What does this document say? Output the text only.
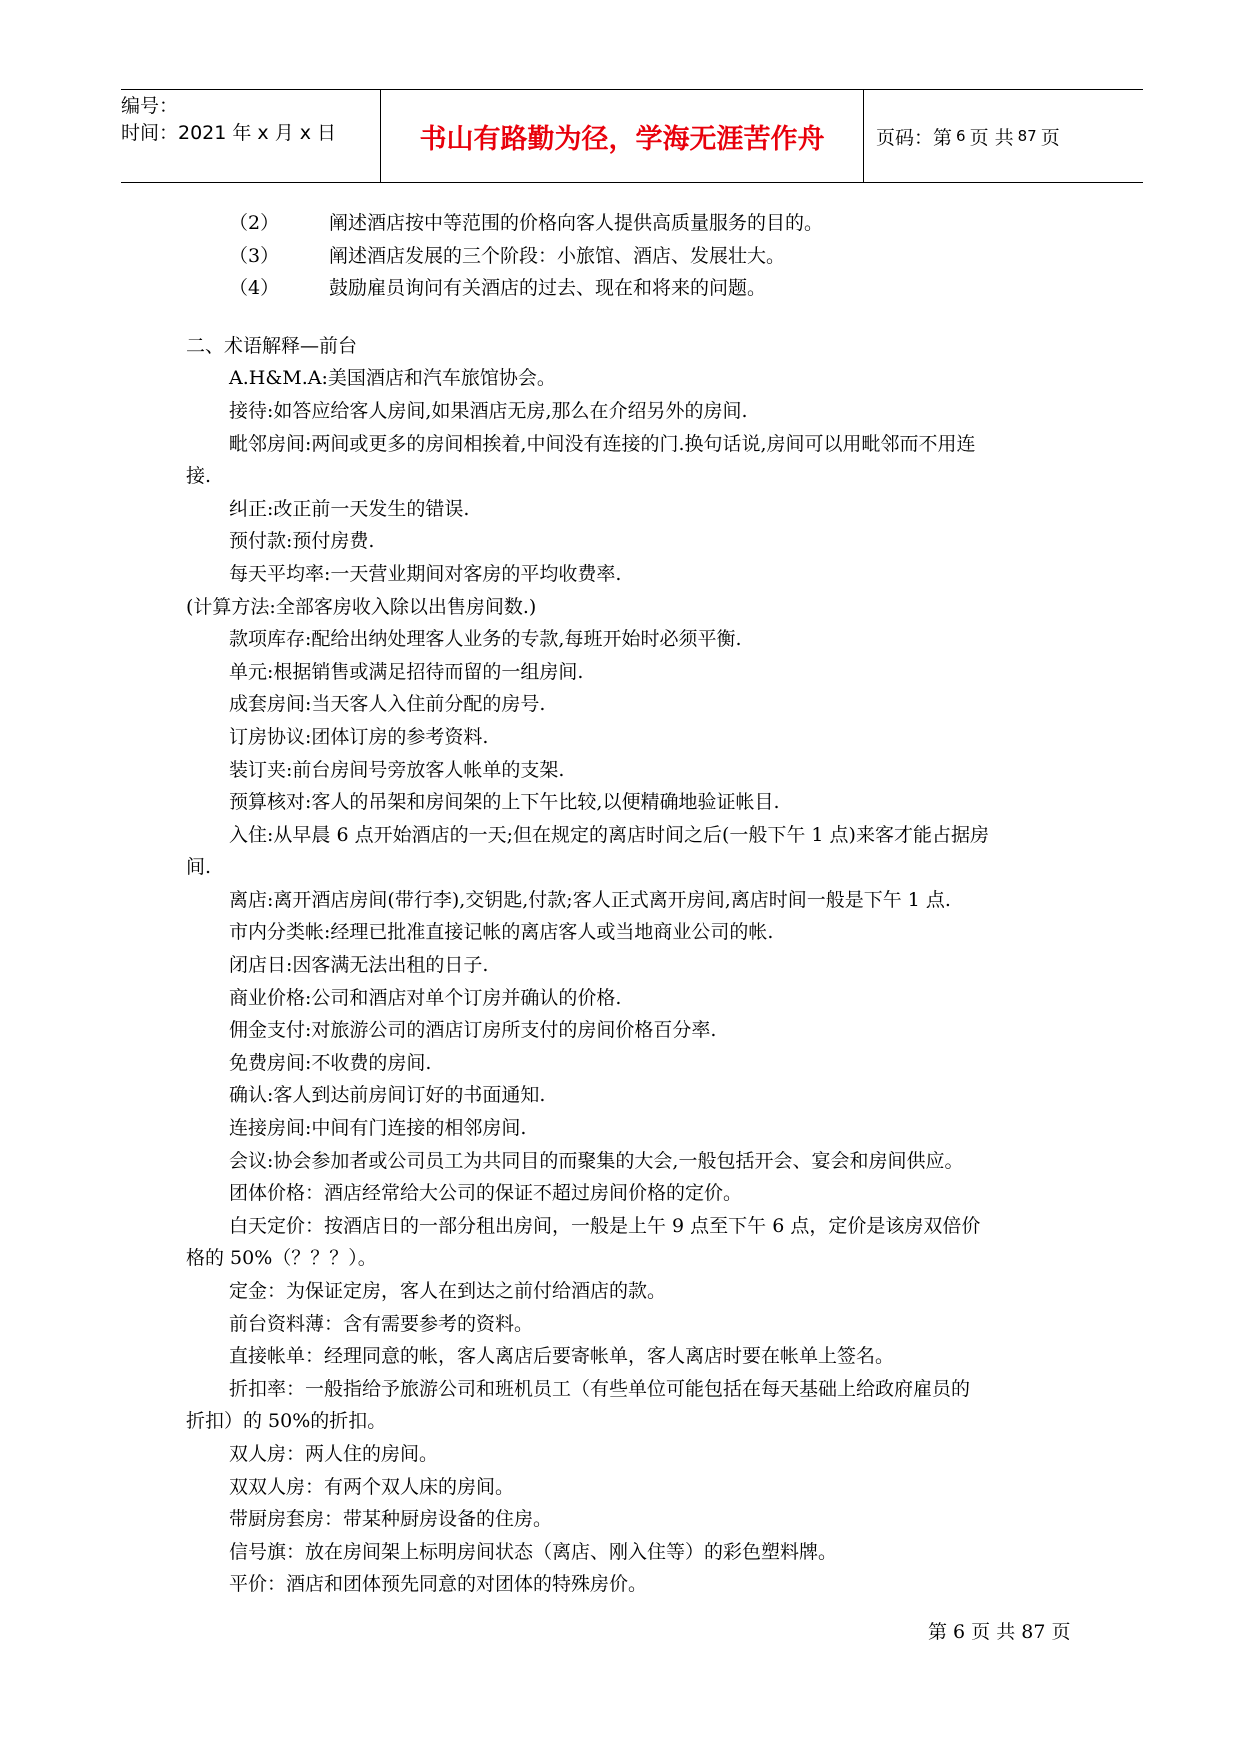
编号：
时间：2021 年 x 月 x 日	书山有路勤为径，学海无涯苦作舟	页码：第 6 页 共 87 页
（2）	阐述酒店按中等范围的价格向客人提供高质量服务的目的。
（3）	阐述酒店发展的三个阶段：小旅馆、酒店、发展壮大。
（4）	鼓励雇员询问有关酒店的过去、现在和将来的问题。
二、术语解释—前台
A.H&M.A:美国酒店和汽车旅馆协会。
接待:如答应给客人房间,如果酒店无房,那么在介绍另外的房间.
毗邻房间:两间或更多的房间相挨着,中间没有连接的门.换句话说,房间可以用毗邻而不用连
接.
纠正:改正前一天发生的错误.
预付款:预付房费.
每天平均率:一天营业期间对客房的平均收费率.
(计算方法:全部客房收入除以出售房间数.)
款项库存:配给出纳处理客人业务的专款,每班开始时必须平衡.
单元:根据销售或满足招待而留的一组房间.
成套房间:当天客人入住前分配的房号.
订房协议:团体订房的参考资料.
装订夹:前台房间号旁放客人帐单的支架.
预算核对:客人的吊架和房间架的上下午比较,以便精确地验证帐目.
入住:从早晨 6 点开始酒店的一天;但在规定的离店时间之后(一般下午 1 点)来客才能占据房
间.
离店:离开酒店房间(带行李),交钥匙,付款;客人正式离开房间,离店时间一般是下午 1 点.
市内分类帐:经理已批准直接记帐的离店客人或当地商业公司的帐.
闭店日:因客满无法出租的日子.
商业价格:公司和酒店对单个订房并确认的价格.
佣金支付:对旅游公司的酒店订房所支付的房间价格百分率.
免费房间:不收费的房间.
确认:客人到达前房间订好的书面通知.
连接房间:中间有门连接的相邻房间.
会议:协会参加者或公司员工为共同目的而聚集的大会,一般包括开会、宴会和房间供应。
团体价格：酒店经常给大公司的保证不超过房间价格的定价。
白天定价：按酒店日的一部分租出房间，一般是上午 9 点至下午 6 点，定价是该房双倍价
格的 50%（？？？）。
定金：为保证定房，客人在到达之前付给酒店的款。
前台资料薄：含有需要参考的资料。
直接帐单：经理同意的帐，客人离店后要寄帐单，客人离店时要在帐单上签名。
折扣率：一般指给予旅游公司和班机员工（有些单位可能包括在每天基础上给政府雇员的
折扣）的 50%的折扣。
双人房：两人住的房间。
双双人房：有两个双人床的房间。
带厨房套房：带某种厨房设备的住房。
信号旗：放在房间架上标明房间状态（离店、刚入住等）的彩色塑料牌。
平价：酒店和团体预先同意的对团体的特殊房价。
第 6 页 共 87 页
